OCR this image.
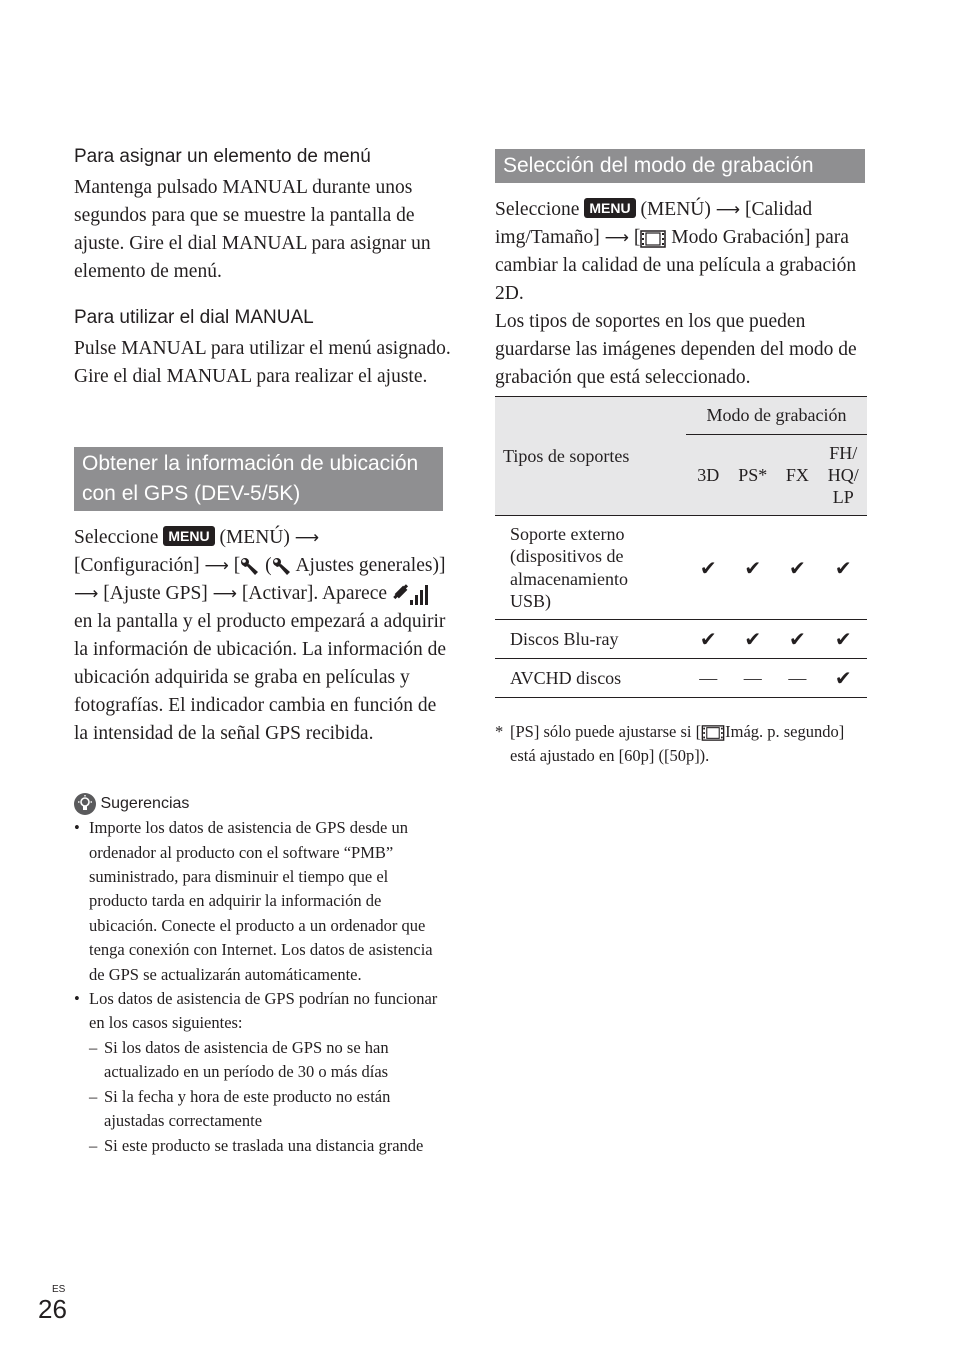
Para asignar un elemento de menú

Mantenga pulsado MANUAL durante unos segundos para que se muestre la pantalla de ajuste. Gire el dial MANUAL para asignar un elemento de menú.

Para utilizar el dial MANUAL

Pulse MANUAL para utilizar el menú asignado. Gire el dial MANUAL para realizar el ajuste.

Obtener la información de ubicación con el GPS (DEV-5/5K)
Seleccione MENU (MENÚ) ⟶ [Configuración] ⟶ [ ( Ajustes generales)] ⟶ [Ajuste GPS] ⟶ [Activar]. Aparece  en la pantalla y el producto empezará a adquirir la información de ubicación. La información de ubicación adquirida se graba en películas y fotografías. El indicador cambia en función de la intensidad de la señal GPS recibida.
Sugerencias
• Importe los datos de asistencia de GPS desde un ordenador al producto con el software “PMB” suministrado, para disminuir el tiempo que el producto tarda en adquirir la información de ubicación. Conecte el producto a un ordenador que tenga conexión con Internet. Los datos de asistencia de GPS se actualizarán automáticamente.
• Los datos de asistencia de GPS podrían no funcionar en los casos siguientes:
– Si los datos de asistencia de GPS no se han actualizado en un período de 30 o más días
– Si la fecha y hora de este producto no están ajustadas correctamente
– Si este producto se traslada una distancia grande
Selección del modo de grabación
Seleccione MENU (MENÚ) ⟶ [Calidad img/Tamaño] ⟶ [ Modo Grabación] para cambiar la calidad de una película a grabación 2D.
Los tipos de soportes en los que pueden guardarse las imágenes dependen del modo de grabación que está seleccionado.
Tipos de soportes	Modo de grabación			
	3D	PS*	FX	FH/ HQ/ LP
Soporte externo (dispositivos de almacenamiento USB)	✔	✔	✔	✔
Discos Blu-ray	✔	✔	✔	✔
AVCHD discos	—	—	—	✔
* [PS] sólo puede ajustarse si [ Imág. p. segundo] está ajustado en [60p] ([50p]).
ES
26
